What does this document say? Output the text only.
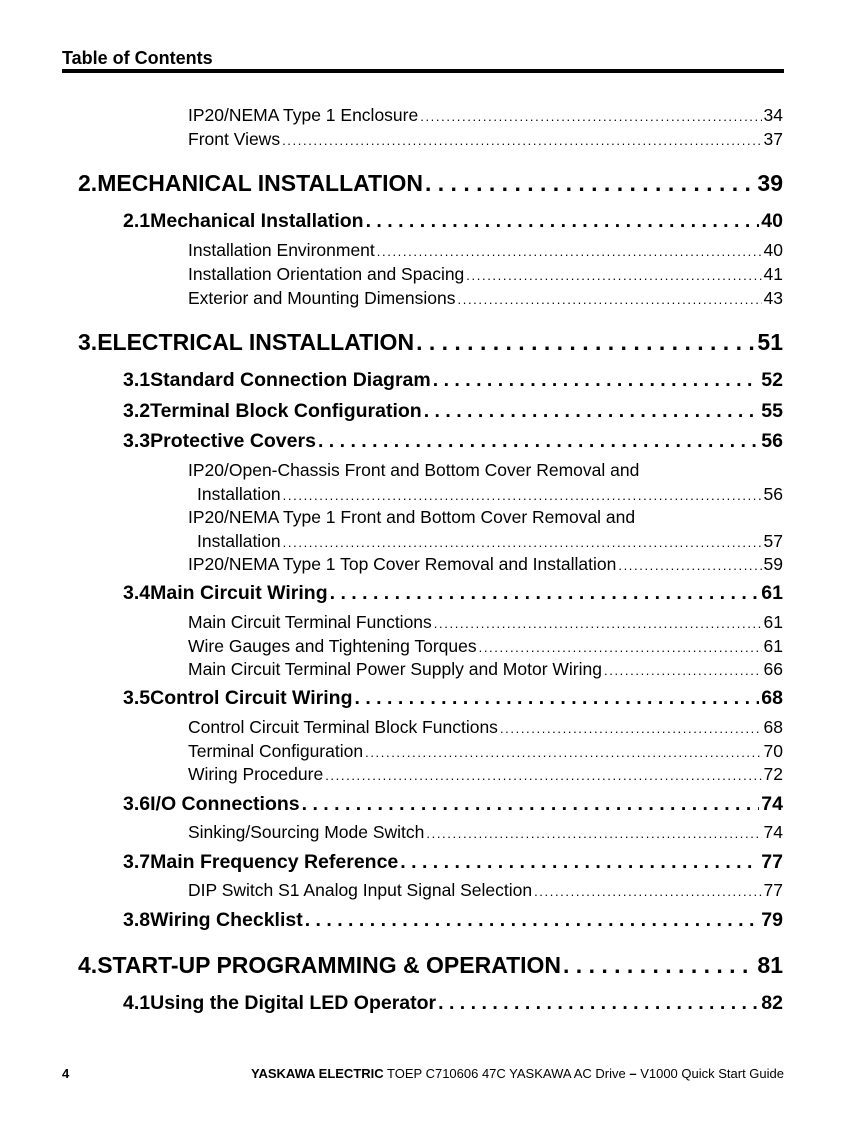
Table of Contents
IP20/NEMA Type 1 Enclosure . . .	34
Front Views . . .	37
2. MECHANICAL INSTALLATION . . .	39
2.1 Mechanical Installation . . .	40
Installation Environment . . .	40
Installation Orientation and Spacing . . .	41
Exterior and Mounting Dimensions . . .	43
3. ELECTRICAL INSTALLATION . . .	51
3.1 Standard Connection Diagram . . .	52
3.2 Terminal Block Configuration . . .	55
3.3 Protective Covers . . .	56
IP20/Open-Chassis Front and Bottom Cover Removal and
Installation . . .	56
IP20/NEMA Type 1 Front and Bottom Cover Removal and
Installation . . .	57
IP20/NEMA Type 1 Top Cover Removal and Installation . . .	59
3.4 Main Circuit Wiring . . .	61
Main Circuit Terminal Functions . . .	61
Wire Gauges and Tightening Torques . . .	61
Main Circuit Terminal Power Supply and Motor Wiring . . .	66
3.5 Control Circuit Wiring . . .	68
Control Circuit Terminal Block Functions . . .	68
Terminal Configuration . . .	70
Wiring Procedure . . .	72
3.6 I/O Connections . . .	74
Sinking/Sourcing Mode Switch . . .	74
3.7 Main Frequency Reference . . .	77
DIP Switch S1 Analog Input Signal Selection . . .	77
3.8 Wiring Checklist . . .	79
4. START-UP PROGRAMMING & OPERATION . . .	81
4.1 Using the Digital LED Operator . . .	82
4	YASKAWA ELECTRIC TOEP C710606 47C YASKAWA AC Drive – V1000 Quick Start Guide
